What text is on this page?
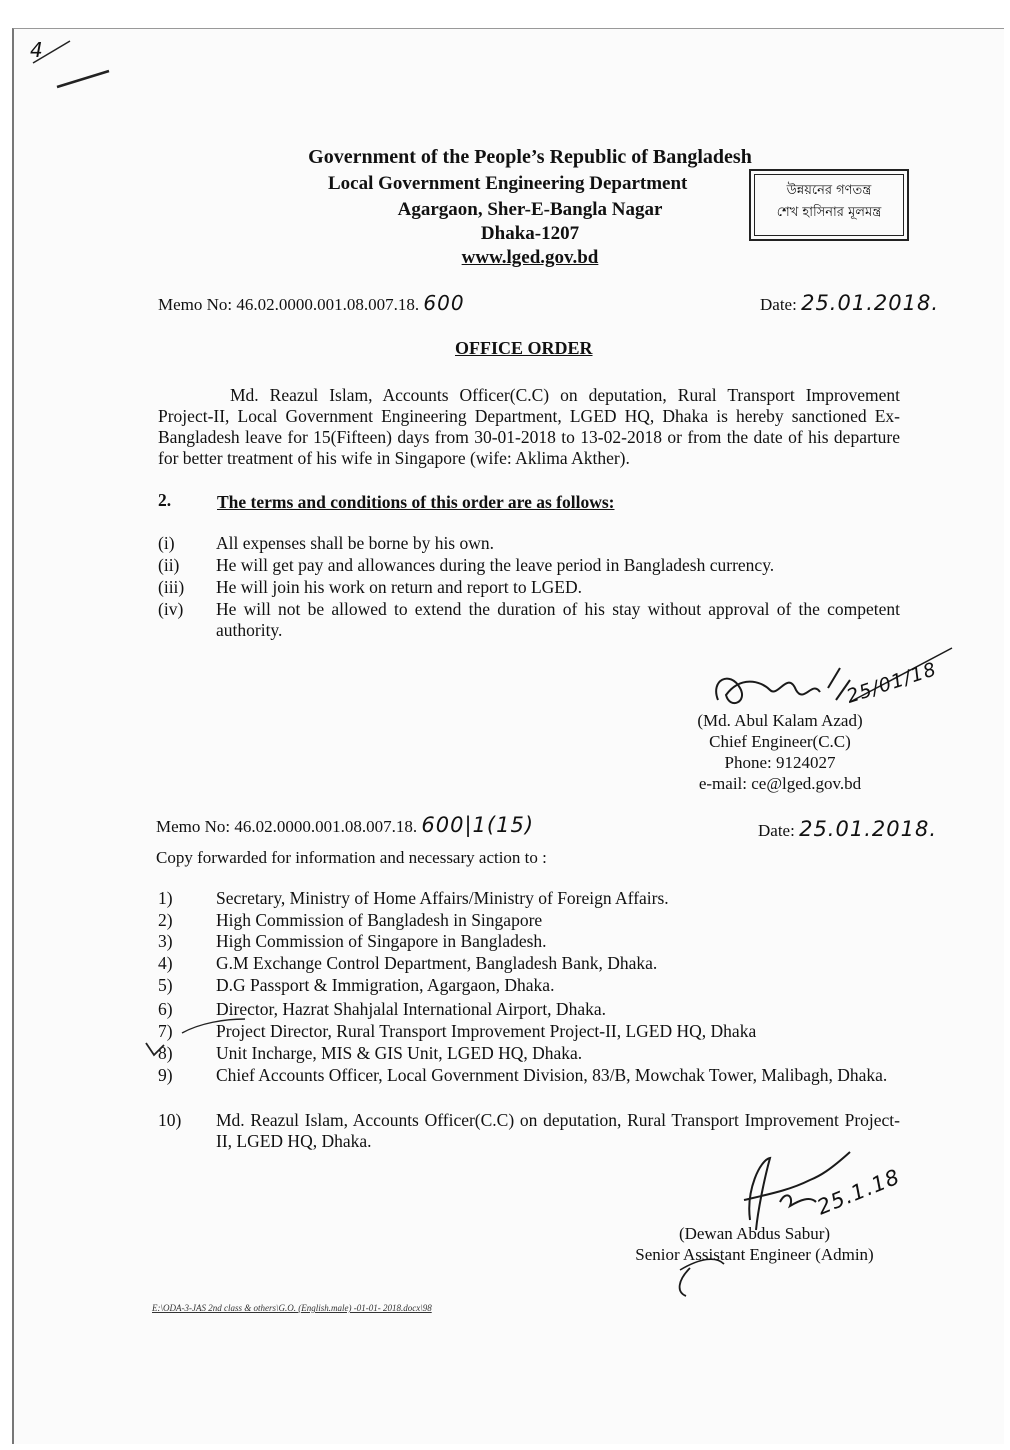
4
Government of the People’s Republic of Bangladesh
Local Government Engineering Department
Agargaon, Sher-E-Bangla Nagar
Dhaka-1207
www.lged.gov.bd
উন্নয়নের গণতন্ত্র
শেখ হাসিনার মূলমন্ত্র
Memo No: 46.02.0000.001.08.007.18. 600	Date: 25.01.2018.
OFFICE ORDER
Md. Reazul Islam, Accounts Officer(C.C) on deputation, Rural Transport Improvement Project-II, Local Government Engineering Department, LGED HQ, Dhaka is hereby sanctioned Ex-Bangladesh leave for 15(Fifteen) days from 30-01-2018 to 13-02-2018 or from the date of his departure for better treatment of his wife in Singapore (wife: Aklima Akther).
2.	The terms and conditions of this order are as follows:
(i)	All expenses shall be borne by his own.
(ii)	He will get pay and allowances during the leave period in Bangladesh currency.
(iii)	He will join his work on return and report to LGED.
(iv)	He will not be allowed to extend the duration of his stay without approval of the competent authority.
25/01/18
(Md. Abul Kalam Azad)
Chief Engineer(C.C)
Phone: 9124027
e-mail: ce@lged.gov.bd
Memo No: 46.02.0000.001.08.007.18. 600|1(15)	Date: 25.01.2018.
Copy forwarded for information and necessary action to :
1)	Secretary, Ministry of Home Affairs/Ministry of Foreign Affairs.
2)	High Commission of Bangladesh in Singapore
3)	High Commission of Singapore in Bangladesh.
4)	G.M Exchange Control Department, Bangladesh Bank, Dhaka.
5)	D.G Passport & Immigration, Agargaon, Dhaka.
6)	Director, Hazrat Shahjalal International Airport, Dhaka.
7)	Project Director, Rural Transport Improvement Project-II, LGED HQ, Dhaka
8)	Unit Incharge, MIS & GIS Unit, LGED HQ, Dhaka.
9)	Chief Accounts Officer, Local Government Division, 83/B, Mowchak Tower, Malibagh, Dhaka.
10)	Md. Reazul Islam, Accounts Officer(C.C) on deputation, Rural Transport Improvement Project-II, LGED HQ, Dhaka.
25.1.18
(Dewan Abdus Sabur)
Senior Assistant Engineer (Admin)
E:\ODA-3-JAS 2nd class & others\G.O. (English.male) -01-01- 2018.docx\98
